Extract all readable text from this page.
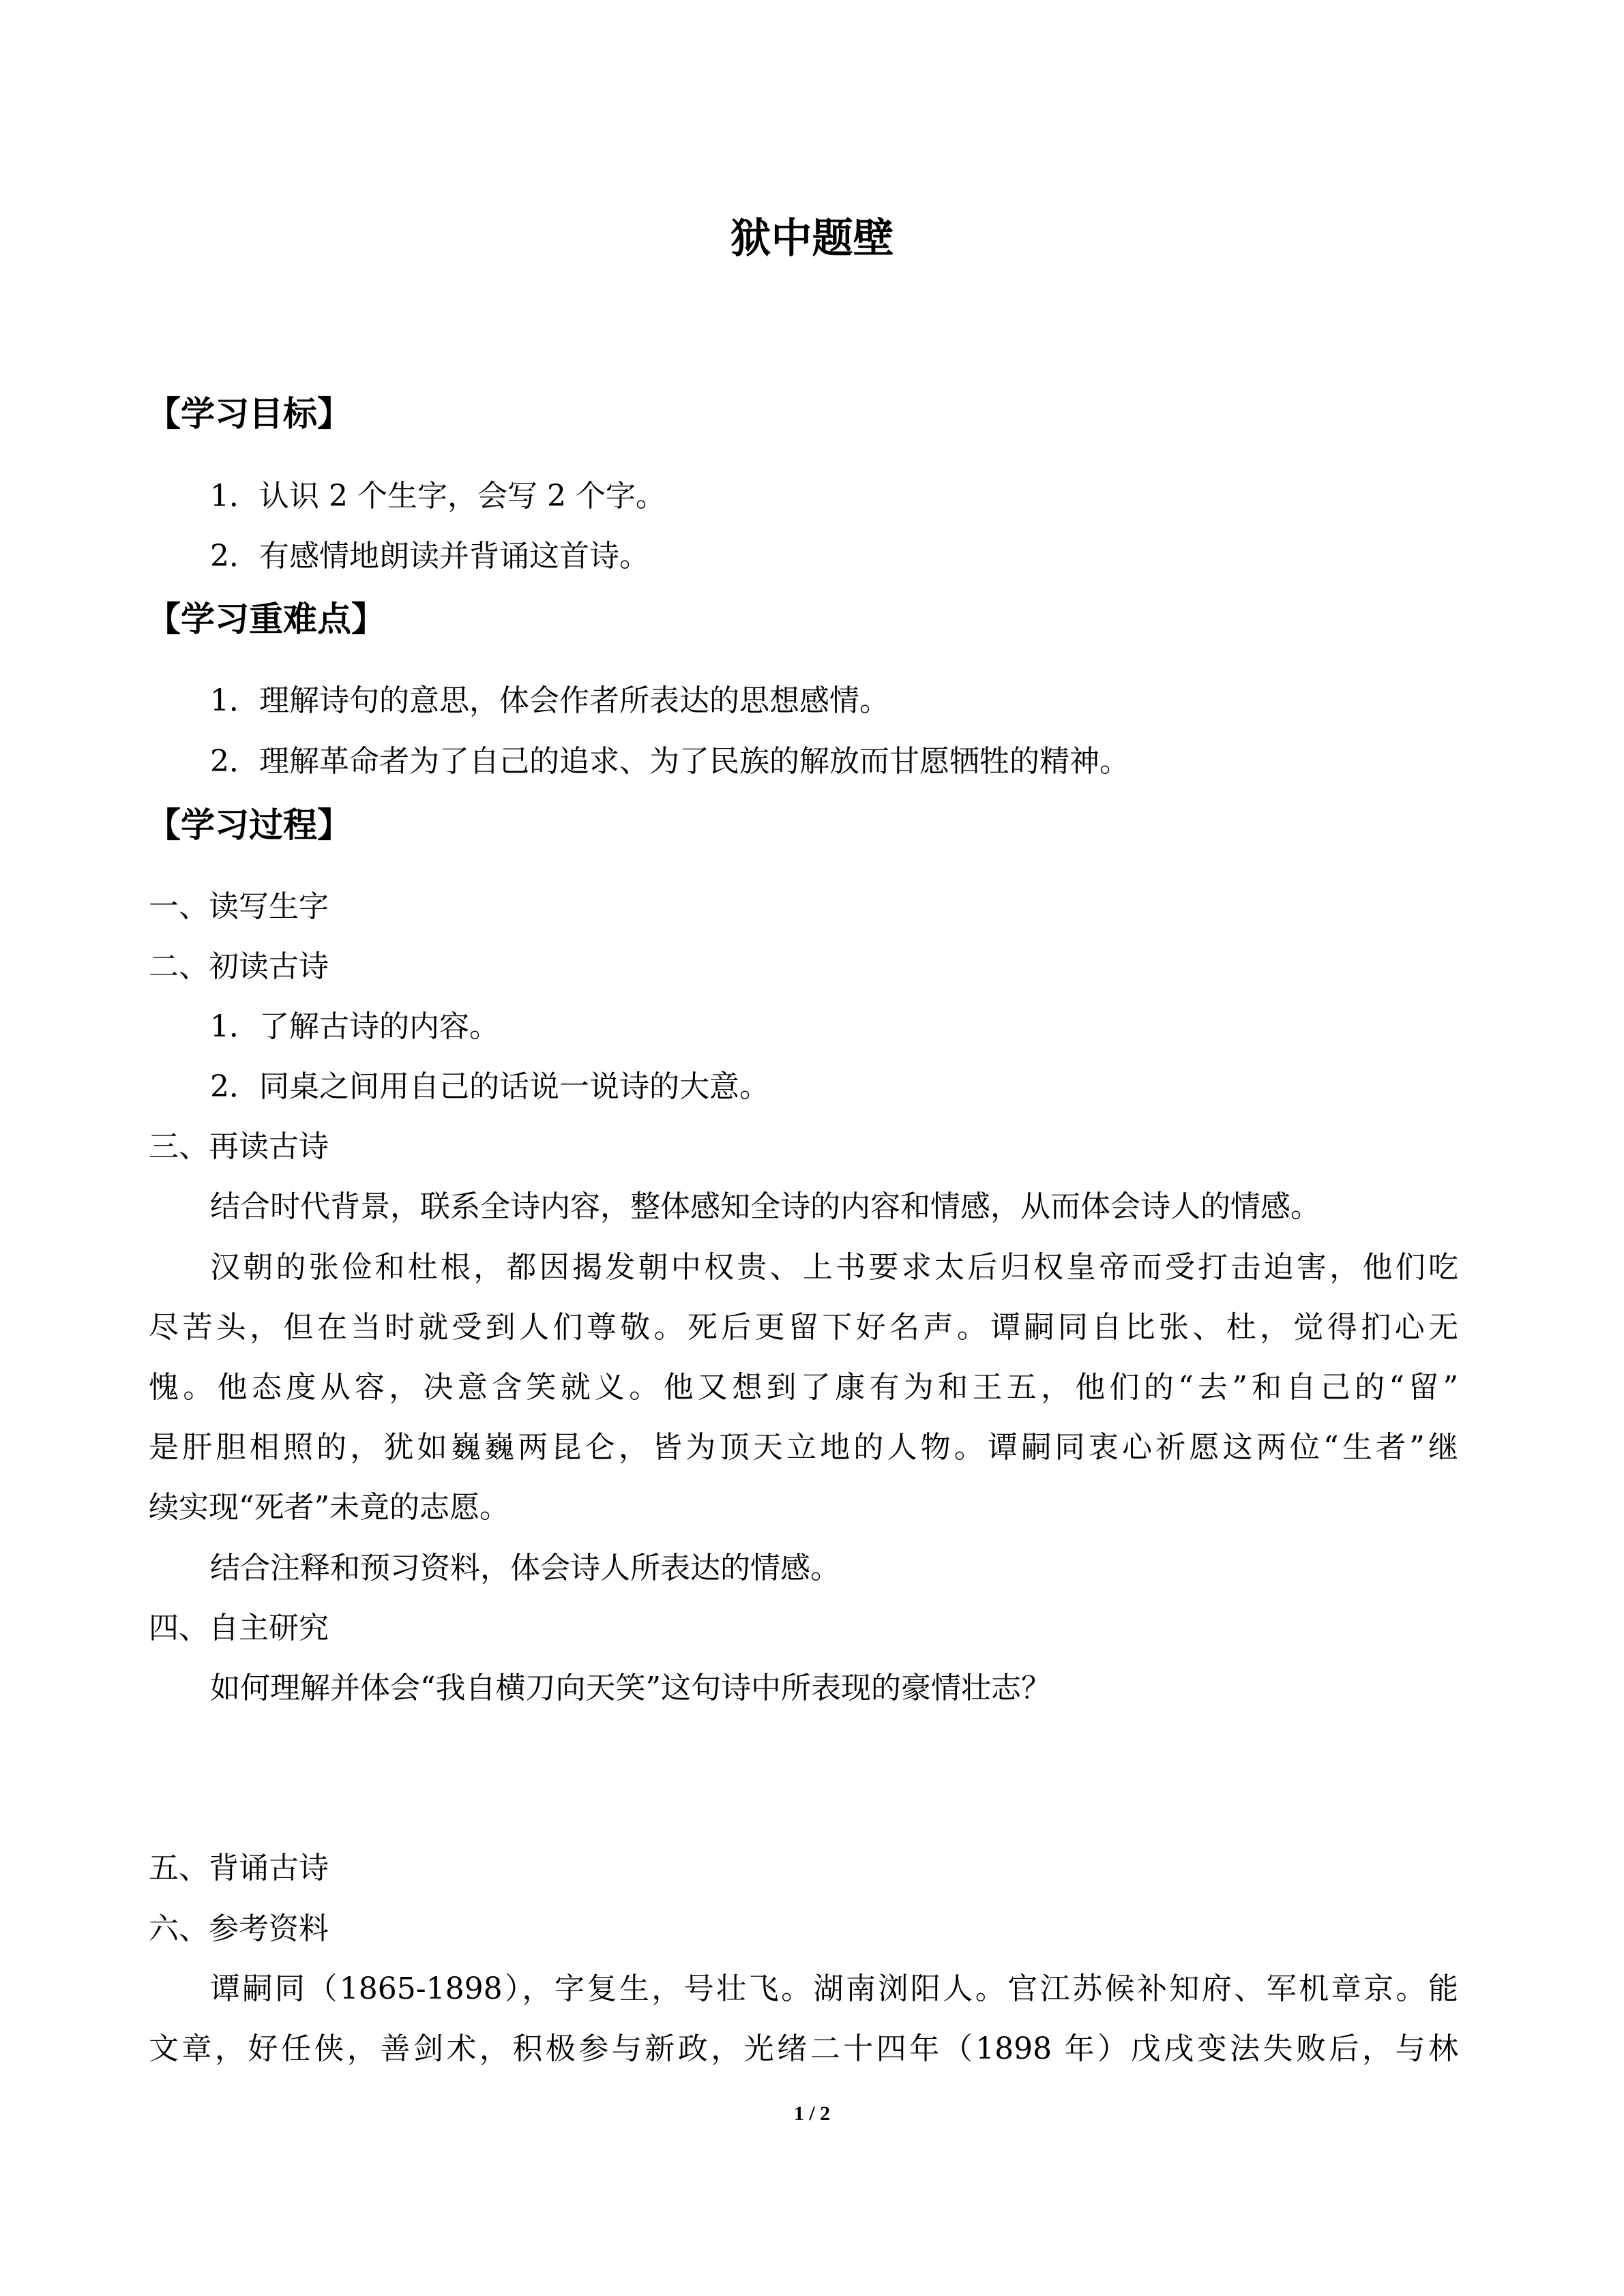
狱中题壁
【学习目标】
1．认识 2 个生字，会写 2 个字。
2．有感情地朗读并背诵这首诗。
【学习重难点】
1．理解诗句的意思，体会作者所表达的思想感情。
2．理解革命者为了自己的追求、为了民族的解放而甘愿牺牲的精神。
【学习过程】
一、读写生字
二、初读古诗
1．了解古诗的内容。
2．同桌之间用自己的话说一说诗的大意。
三、再读古诗
结合时代背景，联系全诗内容，整体感知全诗的内容和情感，从而体会诗人的情感。
汉朝的张俭和杜根，都因揭发朝中权贵、上书要求太后归权皇帝而受打击迫害，他们吃
尽苦头，但在当时就受到人们尊敬。死后更留下好名声。谭嗣同自比张、杜，觉得扪心无
愧。他态度从容，决意含笑就义。他又想到了康有为和王五，他们的“去”和自己的“留”
是肝胆相照的，犹如巍巍两昆仑，皆为顶天立地的人物。谭嗣同衷心祈愿这两位“生者”继
续实现“死者”未竟的志愿。
结合注释和预习资料，体会诗人所表达的情感。
四、自主研究
如何理解并体会“我自横刀向天笑”这句诗中所表现的豪情壮志？
五、背诵古诗
六、参考资料
谭嗣同（1865-1898），字复生，号壮飞。湖南浏阳人。官江苏候补知府、军机章京。能
文章，好任侠，善剑术，积极参与新政，光绪二十四年（1898 年）戊戌变法失败后，与林
1 / 2
